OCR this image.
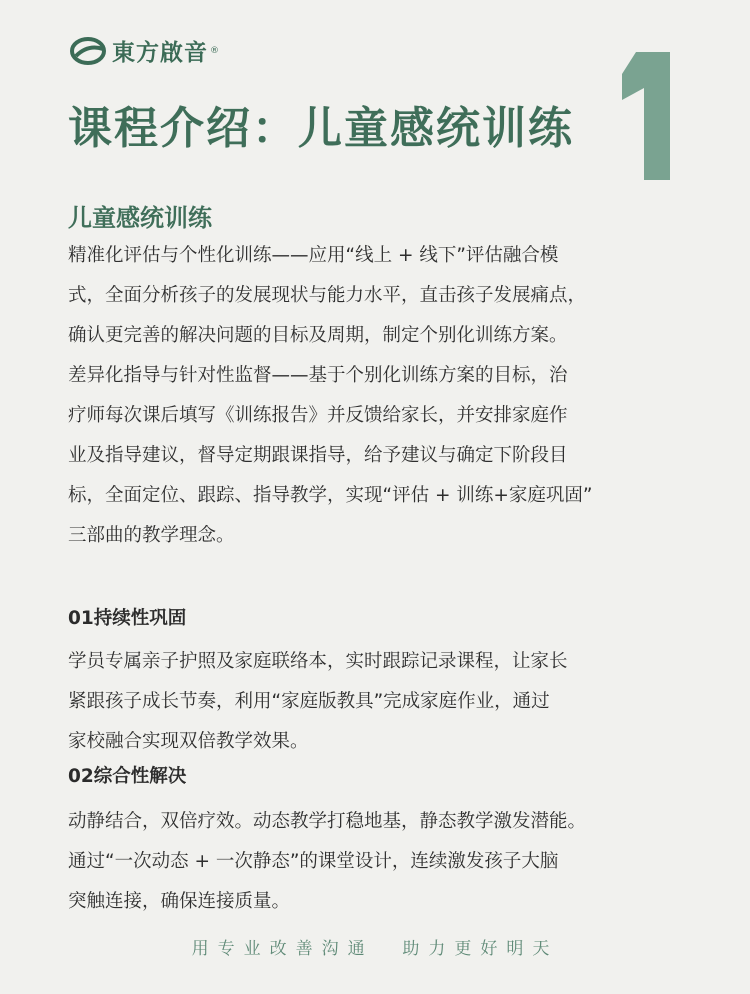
東方啟音 ®
课程介绍：儿童感统训练
儿童感统训练
精准化评估与个性化训练——应用“线上 + 线下”评估融合模
式，全面分析孩子的发展现状与能力水平，直击孩子发展痛点，
确认更完善的解决问题的目标及周期，制定个别化训练方案。
差异化指导与针对性监督——基于个别化训练方案的目标，治
疗师每次课后填写《训练报告》并反馈给家长，并安排家庭作
业及指导建议，督导定期跟课指导，给予建议与确定下阶段目
标，全面定位、跟踪、指导教学，实现“评估 + 训练+家庭巩固”
三部曲的教学理念。
01持续性巩固
学员专属亲子护照及家庭联络本，实时跟踪记录课程，让家长
紧跟孩子成长节奏，利用“家庭版教具”完成家庭作业，通过
家校融合实现双倍教学效果。
02综合性解决
动静结合，双倍疗效。动态教学打稳地基，静态教学激发潜能。
通过“一次动态 + 一次静态”的课堂设计，连续激发孩子大脑
突触连接，确保连接质量。
用专业改善沟通  助力更好明天
